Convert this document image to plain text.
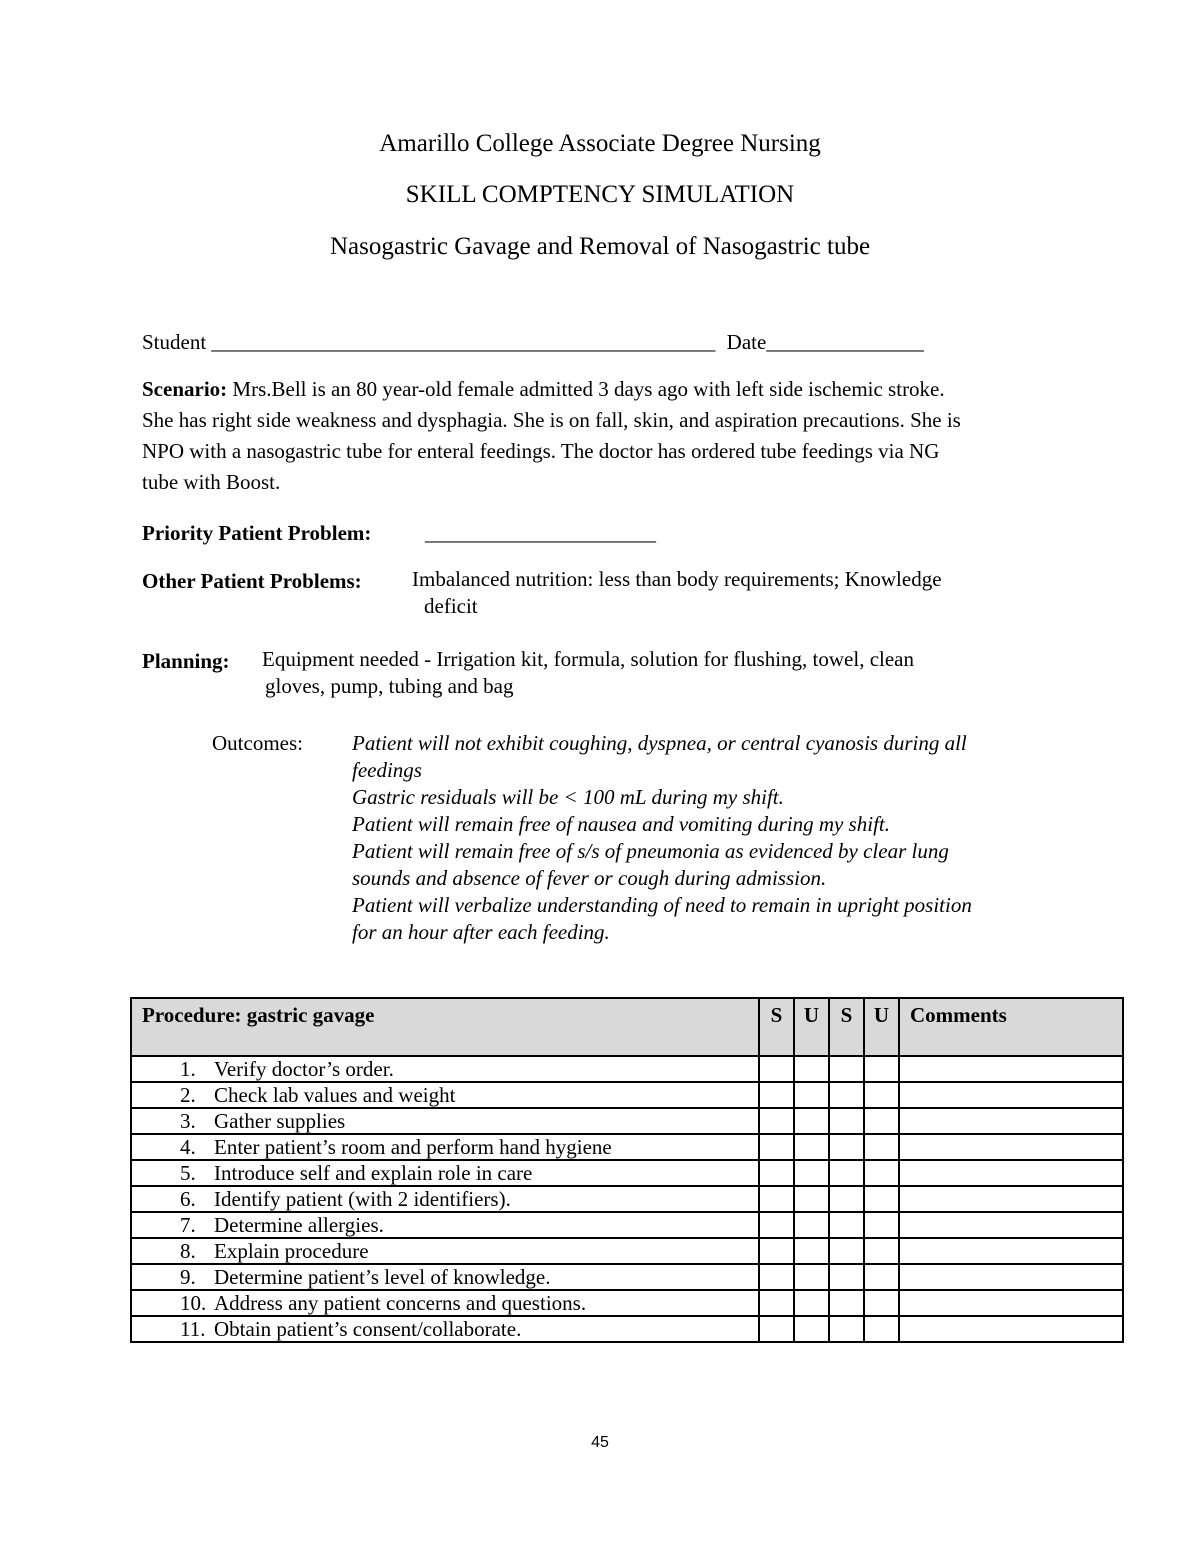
Amarillo College Associate Degree Nursing
SKILL COMPTENCY SIMULATION
Nasogastric Gavage and Removal of Nasogastric tube
Student ________________________________________________ Date_______________
Scenario: Mrs.Bell is an 80 year-old female admitted 3 days ago with left side ischemic stroke.
She has right side weakness and dysphagia. She is on fall, skin, and aspiration precautions. She is
NPO with a nasogastric tube for enteral feedings. The doctor has ordered tube feedings via NG
tube with Boost.
Priority Patient Problem:	______________________
Other Patient Problems: Imbalanced nutrition: less than body requirements; Knowledge
deficit
Planning: Equipment needed - Irrigation kit, formula, solution for flushing, towel, clean
gloves, pump, tubing and bag
Outcomes: Patient will not exhibit coughing, dyspnea, or central cyanosis during all
feedings
Gastric residuals will be < 100 mL during my shift.
Patient will remain free of nausea and vomiting during my shift.
Patient will remain free of s/s of pneumonia as evidenced by clear lung
sounds and absence of fever or cough during admission.
Patient will verbalize understanding of need to remain in upright position
for an hour after each feeding.
Procedure: gastric gavage	S	U	S	U	Comments
1. Verify doctor’s order.					
2. Check lab values and weight					
3. Gather supplies					
4. Enter patient’s room and perform hand hygiene					
5. Introduce self and explain role in care					
6. Identify patient (with 2 identifiers).					
7. Determine allergies.					
8. Explain procedure					
9. Determine patient’s level of knowledge.					
10. Address any patient concerns and questions.					
11. Obtain patient’s consent/collaborate.					
45
